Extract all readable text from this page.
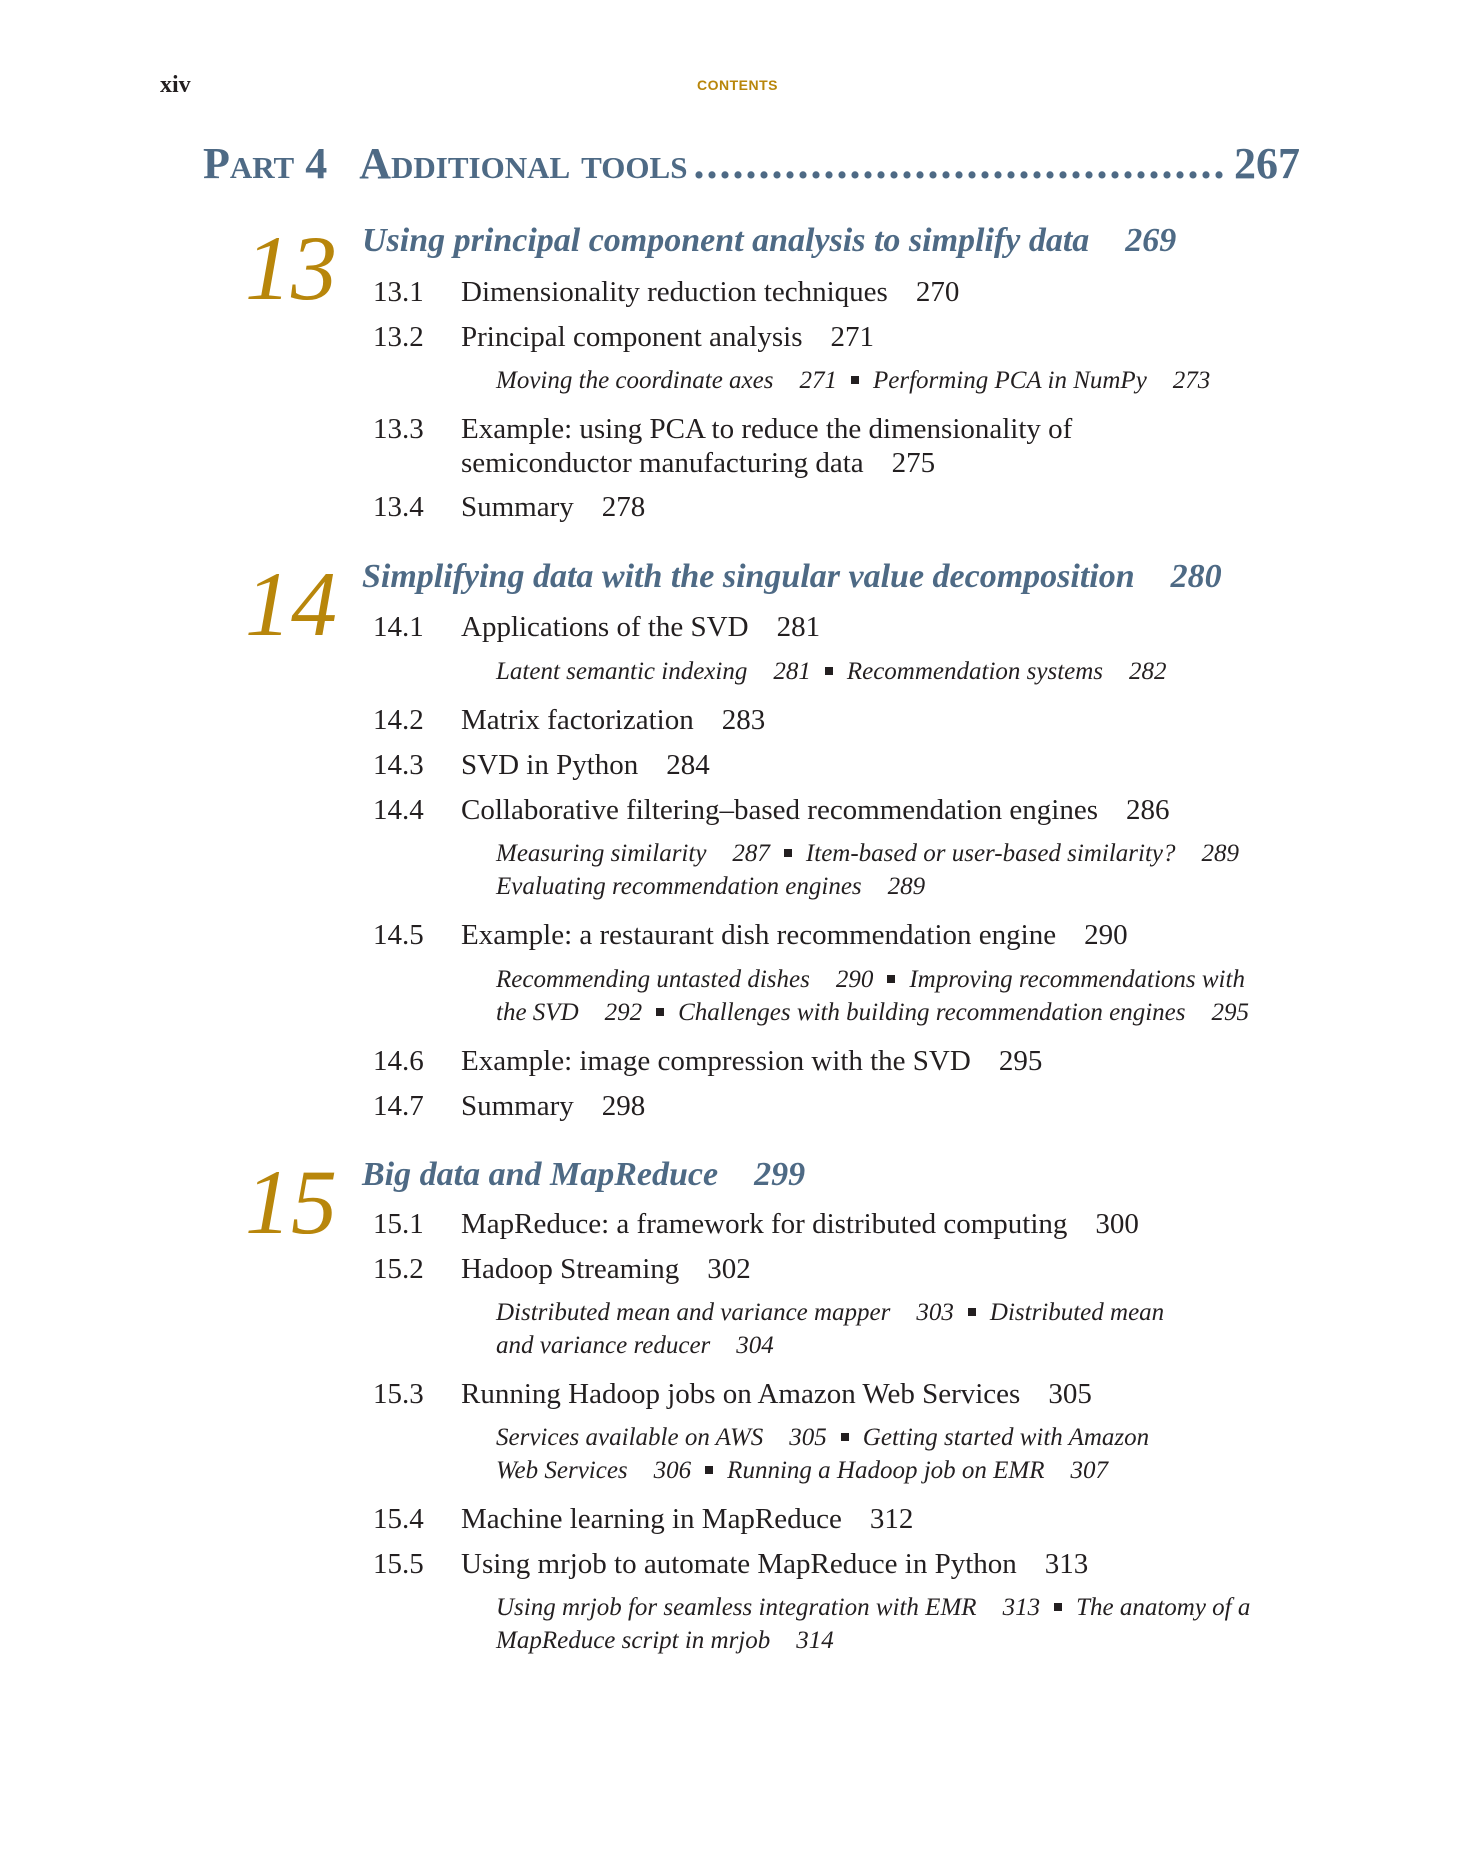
xiv	CONTENTS
Part 4 Additional tools ......................................... 267
13 Using principal component analysis to simplify data 269
13.1 Dimensionality reduction techniques 270
13.2 Principal component analysis 271
Moving the coordinate axes 271 Performing PCA in NumPy 273
13.3 Example: using PCA to reduce the dimensionality of
semiconductor manufacturing data 275
13.4 Summary 278
14 Simplifying data with the singular value decomposition 280
14.1 Applications of the SVD 281
Latent semantic indexing 281 Recommendation systems 282
14.2 Matrix factorization 283
14.3 SVD in Python 284
14.4 Collaborative filtering–based recommendation engines 286
Measuring similarity 287 Item-based or user-based similarity? 289
Evaluating recommendation engines 289
14.5 Example: a restaurant dish recommendation engine 290
Recommending untasted dishes 290 Improving recommendations with
the SVD 292 Challenges with building recommendation engines 295
14.6 Example: image compression with the SVD 295
14.7 Summary 298
15 Big data and MapReduce 299
15.1 MapReduce: a framework for distributed computing 300
15.2 Hadoop Streaming 302
Distributed mean and variance mapper 303 Distributed mean
and variance reducer 304
15.3 Running Hadoop jobs on Amazon Web Services 305
Services available on AWS 305 Getting started with Amazon
Web Services 306 Running a Hadoop job on EMR 307
15.4 Machine learning in MapReduce 312
15.5 Using mrjob to automate MapReduce in Python 313
Using mrjob for seamless integration with EMR 313 The anatomy of a
MapReduce script in mrjob 314
